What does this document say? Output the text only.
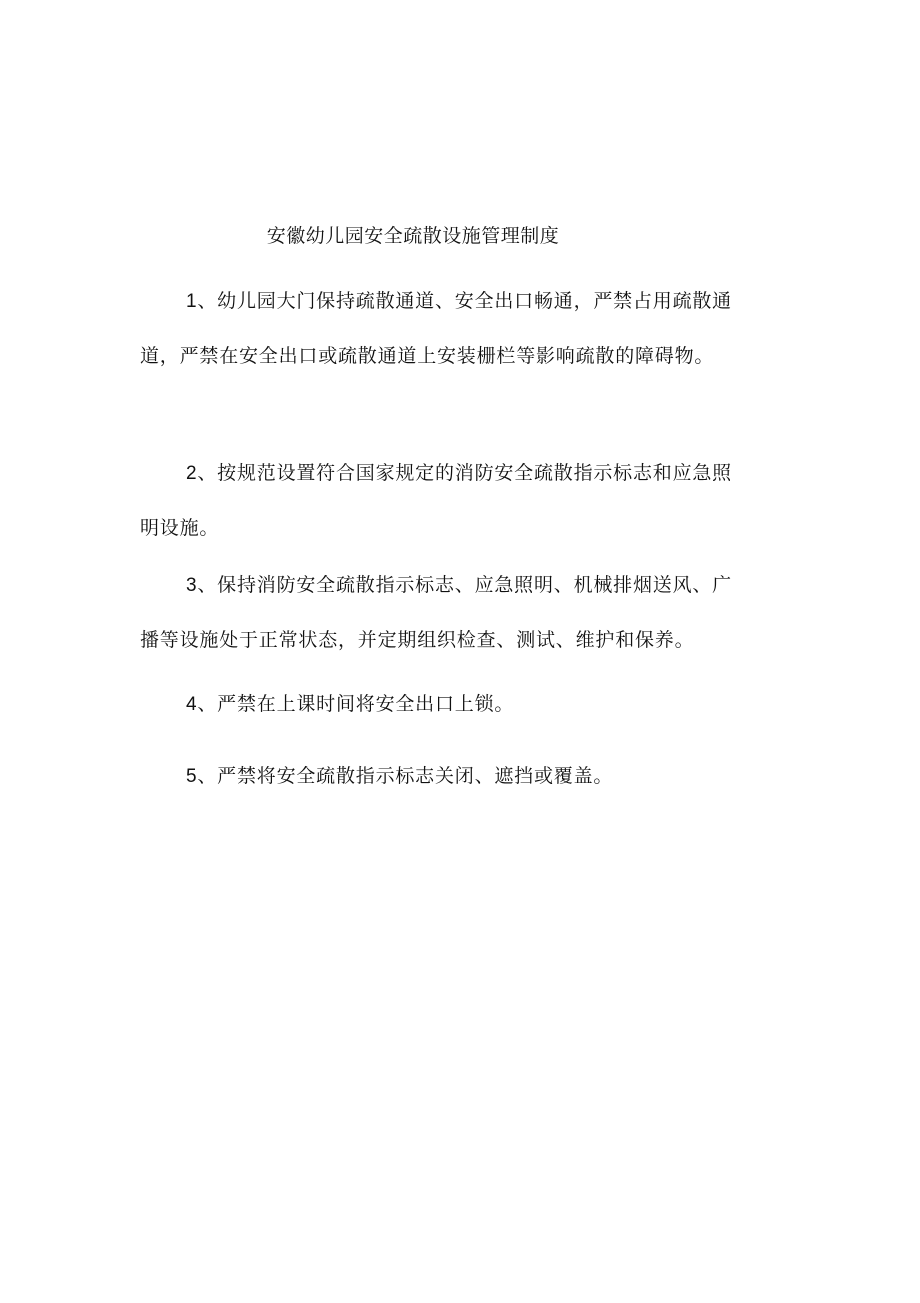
安徽幼儿园安全疏散设施管理制度

1、幼儿园大门保持疏散通道、安全出口畅通，严禁占用疏散通道，严禁在安全出口或疏散通道上安装栅栏等影响疏散的障碍物。

2、按规范设置符合国家规定的消防安全疏散指示标志和应急照明设施。

3、保持消防安全疏散指示标志、应急照明、机械排烟送风、广播等设施处于正常状态，并定期组织检查、测试、维护和保养。

4、严禁在上课时间将安全出口上锁。

5、严禁将安全疏散指示标志关闭、遮挡或覆盖。
